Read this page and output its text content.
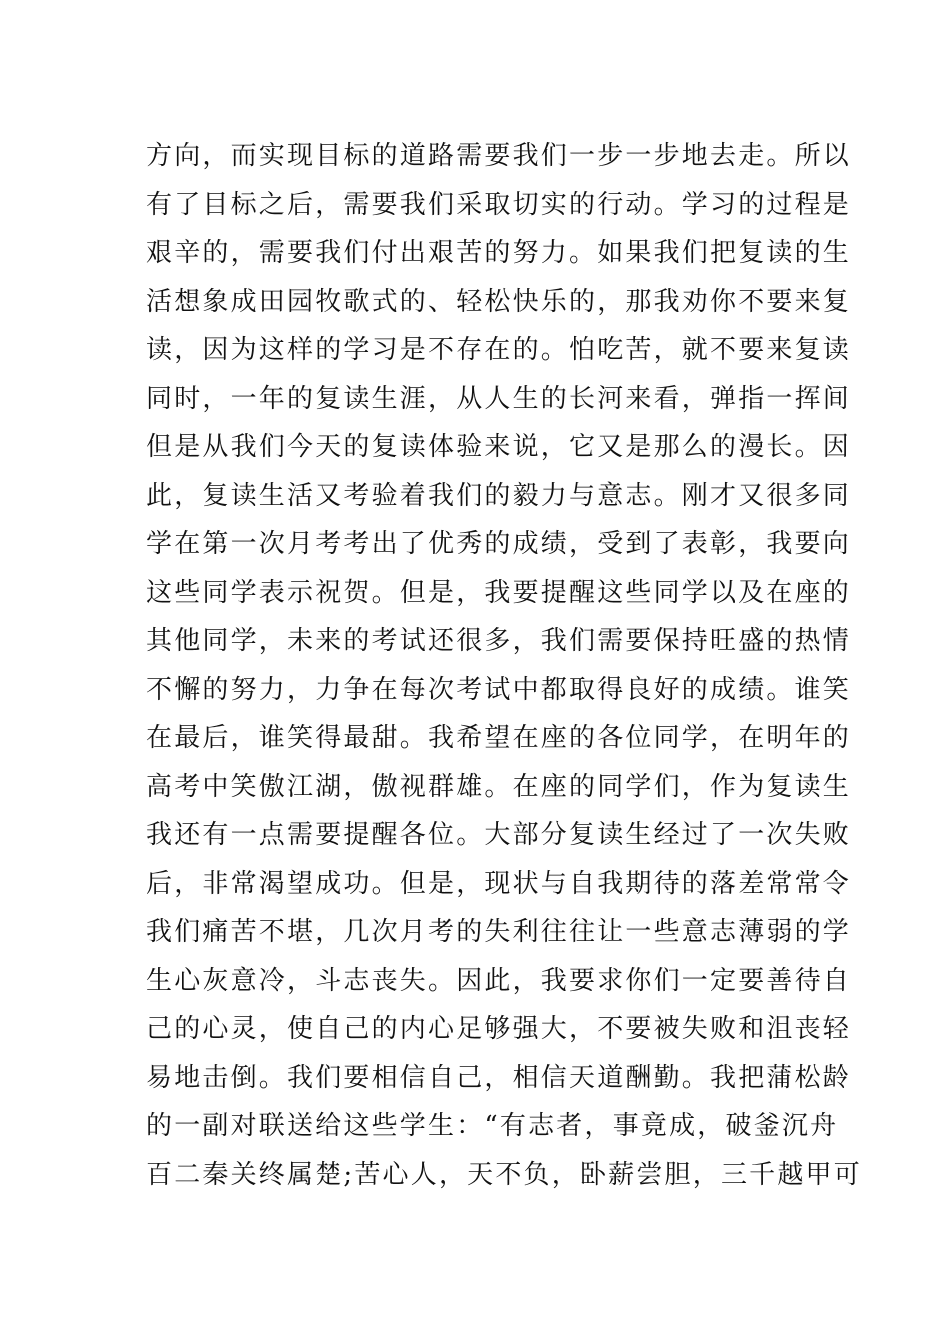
方向，而实现目标的道路需要我们一步一步地去走。所以
有了目标之后，需要我们采取切实的行动。学习的过程是
艰辛的，需要我们付出艰苦的努力。如果我们把复读的生
活想象成田园牧歌式的、轻松快乐的，那我劝你不要来复
读，因为这样的学习是不存在的。怕吃苦，就不要来复读
同时，一年的复读生涯，从人生的长河来看，弹指一挥间
但是从我们今天的复读体验来说，它又是那么的漫长。因
此，复读生活又考验着我们的毅力与意志。刚才又很多同
学在第一次月考考出了优秀的成绩，受到了表彰，我要向
这些同学表示祝贺。但是，我要提醒这些同学以及在座的
其他同学，未来的考试还很多，我们需要保持旺盛的热情
不懈的努力，力争在每次考试中都取得良好的成绩。谁笑
在最后，谁笑得最甜。我希望在座的各位同学，在明年的
高考中笑傲江湖，傲视群雄。在座的同学们，作为复读生
我还有一点需要提醒各位。大部分复读生经过了一次失败
后，非常渴望成功。但是，现状与自我期待的落差常常令
我们痛苦不堪，几次月考的失利往往让一些意志薄弱的学
生心灰意冷，斗志丧失。因此，我要求你们一定要善待自
己的心灵，使自己的内心足够强大，不要被失败和沮丧轻
易地击倒。我们要相信自己，相信天道酬勤。我把蒲松龄
的一副对联送给这些学生：“有志者，事竟成，破釜沉舟
百二秦关终属楚;苦心人，天不负，卧薪尝胆，三千越甲可
